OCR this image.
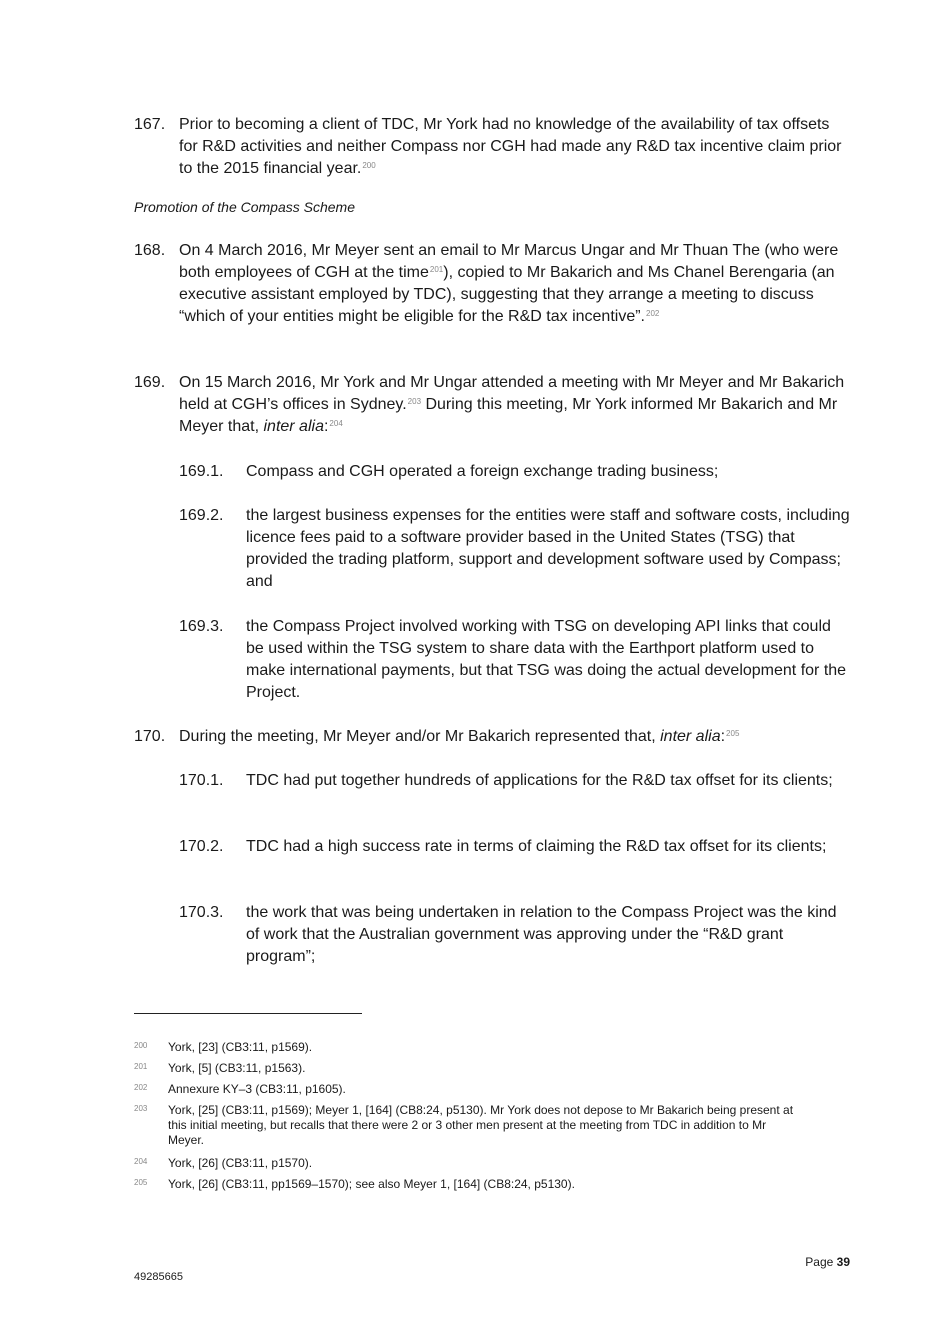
167. Prior to becoming a client of TDC, Mr York had no knowledge of the availability of tax offsets for R&D activities and neither Compass nor CGH had made any R&D tax incentive claim prior to the 2015 financial year.$^{200}$
Promotion of the Compass Scheme
168. On 4 March 2016, Mr Meyer sent an email to Mr Marcus Ungar and Mr Thuan The (who were both employees of CGH at the time$^{201}$), copied to Mr Bakarich and Ms Chanel Berengaria (an executive assistant employed by TDC), suggesting that they arrange a meeting to discuss “which of your entities might be eligible for the R&D tax incentive”.$^{202}$
169. On 15 March 2016, Mr York and Mr Ungar attended a meeting with Mr Meyer and Mr Bakarich held at CGH’s offices in Sydney.$^{203}$ During this meeting, Mr York informed Mr Bakarich and Mr Meyer that, inter alia:$^{204}$
169.1. Compass and CGH operated a foreign exchange trading business;
169.2. the largest business expenses for the entities were staff and software costs, including licence fees paid to a software provider based in the United States (TSG) that provided the trading platform, support and development software used by Compass; and
169.3. the Compass Project involved working with TSG on developing API links that could be used within the TSG system to share data with the Earthport platform used to make international payments, but that TSG was doing the actual development for the Project.
170. During the meeting, Mr Meyer and/or Mr Bakarich represented that, inter alia:$^{205}$
170.1. TDC had put together hundreds of applications for the R&D tax offset for its clients;
170.2. TDC had a high success rate in terms of claiming the R&D tax offset for its clients;
170.3. the work that was being undertaken in relation to the Compass Project was the kind of work that the Australian government was approving under the “R&D grant program”;
200 York, [23] (CB3:11, p1569).
201 York, [5] (CB3:11, p1563).
202 Annexure KY–3 (CB3:11, p1605).
203 York, [25] (CB3:11, p1569); Meyer 1, [164] (CB8:24, p5130). Mr York does not depose to Mr Bakarich being present at this initial meeting, but recalls that there were 2 or 3 other men present at the meeting from TDC in addition to Mr Meyer.
204 York, [26] (CB3:11, p1570).
205 York, [26] (CB3:11, pp1569–1570); see also Meyer 1, [164] (CB8:24, p5130).
Page 39
49285665
